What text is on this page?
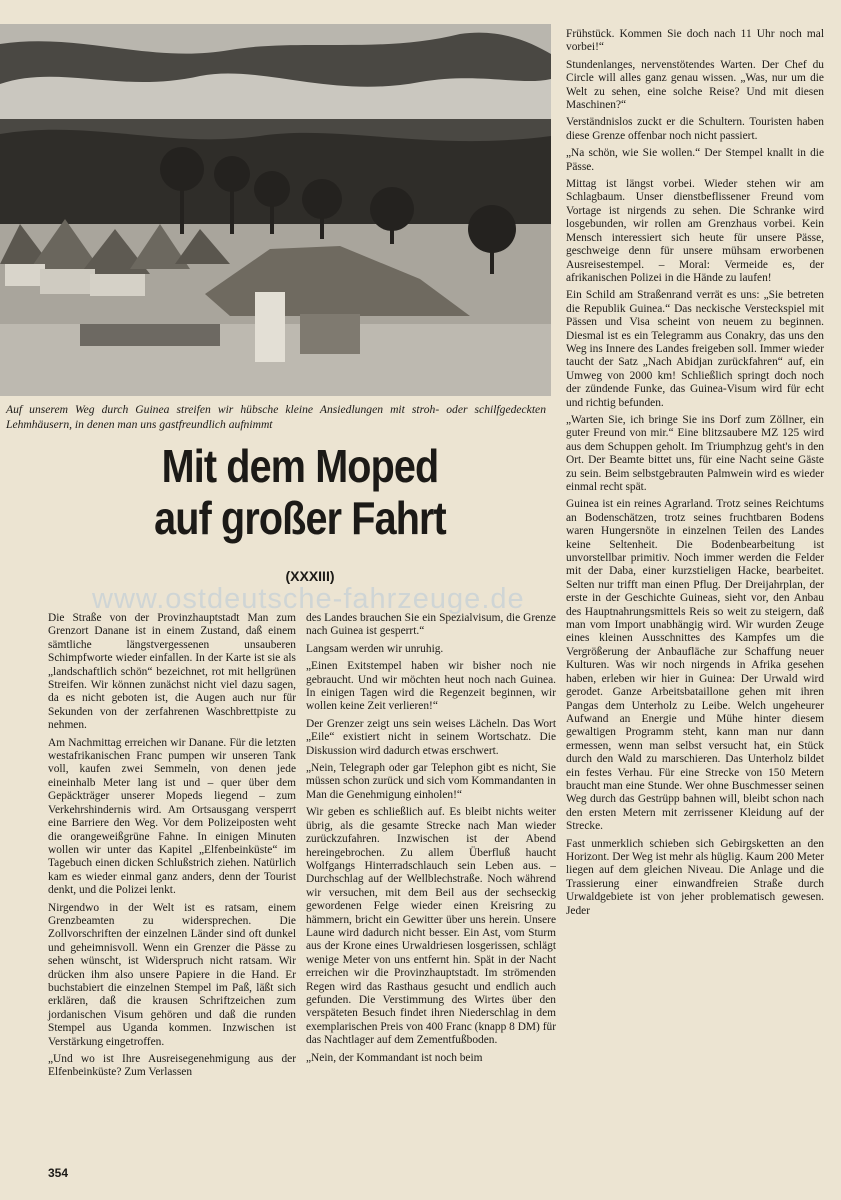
Auf unserem Weg durch Guinea streifen wir hübsche kleine Ansiedlungen mit stroh- oder schilfgedeckten Lehmhäusern, in denen man uns gastfreundlich aufnimmt
Mit dem Moped
auf großer Fahrt
(XXXIII)
www.ostdeutsche-fahrzeuge.de

Die Straße von der Provinzhauptstadt Man zum Grenzort Danane ist in einem Zustand, daß einem sämtliche längstvergessenen unsauberen Schimpfworte wieder einfallen. In der Karte ist sie als „landschaftlich schön“ bezeichnet, rot mit hellgrünen Streifen. Wir können zunächst nicht viel dazu sagen, da es nicht geboten ist, die Augen auch nur für Sekunden von der zerfahrenen Waschbrettpiste zu nehmen.

Am Nachmittag erreichen wir Danane. Für die letzten westafrikanischen Franc pumpen wir unseren Tank voll, kaufen zwei Semmeln, von denen jede eineinhalb Meter lang ist und – quer über dem Gepäckträger unserer Mopeds liegend – zum Verkehrshindernis wird. Am Ortsausgang versperrt eine Barriere den Weg. Vor dem Polizeiposten weht die orangeweißgrüne Fahne. In einigen Minuten wollen wir unter das Kapitel „Elfenbeinküste“ im Tagebuch einen dicken Schlußstrich ziehen. Natürlich kam es wieder einmal ganz anders, denn der Tourist denkt, und die Polizei lenkt.

Nirgendwo in der Welt ist es ratsam, einem Grenzbeamten zu widersprechen. Die Zollvorschriften der einzelnen Länder sind oft dunkel und geheimnisvoll. Wenn ein Grenzer die Pässe zu sehen wünscht, ist Widerspruch nicht ratsam. Wir drücken ihm also unsere Papiere in die Hand. Er buchstabiert die einzelnen Stempel im Paß, läßt sich erklären, daß die krausen Schriftzeichen zum jordanischen Visum gehören und daß die runden Stempel aus Uganda kommen. Inzwischen ist Verstärkung eingetroffen.

„Und wo ist Ihre Ausreisegenehmigung aus der Elfenbeinküste? Zum Verlassen

des Landes brauchen Sie ein Spezialvisum, die Grenze nach Guinea ist gesperrt.“

Langsam werden wir unruhig.

„Einen Exitstempel haben wir bisher noch nie gebraucht. Und wir möchten heut noch nach Guinea. In einigen Tagen wird die Regenzeit beginnen, wir wollen keine Zeit verlieren!“

Der Grenzer zeigt uns sein weises Lächeln. Das Wort „Eile“ existiert nicht in seinem Wortschatz. Die Diskussion wird dadurch etwas erschwert.

„Nein, Telegraph oder gar Telephon gibt es nicht, Sie müssen schon zurück und sich vom Kommandanten in Man die Genehmigung einholen!“

Wir geben es schließlich auf. Es bleibt nichts weiter übrig, als die gesamte Strecke nach Man wieder zurückzufahren. Inzwischen ist der Abend hereingebrochen. Zu allem Überfluß haucht Wolfgangs Hinterradschlauch sein Leben aus. – Durchschlag auf der Wellblechstraße. Noch während wir versuchen, mit dem Beil aus der sechseckig gewordenen Felge wieder einen Kreisring zu hämmern, bricht ein Gewitter über uns herein. Unsere Laune wird dadurch nicht besser. Ein Ast, vom Sturm aus der Krone eines Urwaldriesen losgerissen, schlägt wenige Meter von uns entfernt hin. Spät in der Nacht erreichen wir die Provinzhauptstadt. Im strömenden Regen wird das Rasthaus gesucht und endlich auch gefunden. Die Verstimmung des Wirtes über den verspäteten Besuch findet ihren Niederschlag in dem exemplarischen Preis von 400 Franc (knapp 8 DM) für das Nachtlager auf dem Zementfußboden.

„Nein, der Kommandant ist noch beim

Frühstück. Kommen Sie doch nach 11 Uhr noch mal vorbei!“

Stundenlanges, nervenstötendes Warten. Der Chef du Circle will alles ganz genau wissen. „Was, nur um die Welt zu sehen, eine solche Reise? Und mit diesen Maschinen?“

Verständnislos zuckt er die Schultern. Touristen haben diese Grenze offenbar noch nicht passiert.

„Na schön, wie Sie wollen.“ Der Stempel knallt in die Pässe.

Mittag ist längst vorbei. Wieder stehen wir am Schlagbaum. Unser dienstbeflissener Freund vom Vortage ist nirgends zu sehen. Die Schranke wird losgebunden, wir rollen am Grenzhaus vorbei. Kein Mensch interessiert sich heute für unsere Pässe, geschweige denn für unsere mühsam erworbenen Ausreisestempel. – Moral: Vermeide es, der afrikanischen Polizei in die Hände zu laufen!

Ein Schild am Straßenrand verrät es uns: „Sie betreten die Republik Guinea.“ Das neckische Versteckspiel mit Pässen und Visa scheint von neuem zu beginnen. Diesmal ist es ein Telegramm aus Conakry, das uns den Weg ins Innere des Landes freigeben soll. Immer wieder taucht der Satz „Nach Abidjan zurückfahren“ auf, ein Umweg von 2000 km! Schließlich springt doch noch der zündende Funke, das Guinea-Visum wird für echt und richtig befunden.

„Warten Sie, ich bringe Sie ins Dorf zum Zöllner, ein guter Freund von mir.“ Eine blitzsaubere MZ 125 wird aus dem Schuppen geholt. Im Triumphzug geht's in den Ort. Der Beamte bittet uns, für eine Nacht seine Gäste zu sein. Beim selbstgebrauten Palmwein wird es wieder einmal recht spät.

Guinea ist ein reines Agrarland. Trotz seines Reichtums an Bodenschätzen, trotz seines fruchtbaren Bodens waren Hungersnöte in einzelnen Teilen des Landes keine Seltenheit. Die Bodenbearbeitung ist unvorstellbar primitiv. Noch immer werden die Felder mit der Daba, einer kurzstieligen Hacke, bearbeitet. Selten nur trifft man einen Pflug. Der Dreijahrplan, der erste in der Geschichte Guineas, sieht vor, den Anbau des Hauptnahrungsmittels Reis so weit zu steigern, daß man vom Import unabhängig wird. Wir wurden Zeuge eines kleinen Ausschnittes des Kampfes um die Vergrößerung der Anbaufläche zur Schaffung neuer Kulturen. Was wir noch nirgends in Afrika gesehen haben, erleben wir hier in Guinea: Der Urwald wird gerodet. Ganze Arbeitsbataillone gehen mit ihren Pangas dem Unterholz zu Leibe. Welch ungeheurer Aufwand an Energie und Mühe hinter diesem gewaltigen Programm steht, kann man nur dann ermessen, wenn man selbst versucht hat, ein Stück durch den Wald zu marschieren. Das Unterholz bildet ein festes Verhau. Für eine Strecke von 150 Metern braucht man eine Stunde. Wer ohne Buschmesser seinen Weg durch das Gestrüpp bahnen will, bleibt schon nach den ersten Metern mit zerrissener Kleidung auf der Strecke.

Fast unmerklich schieben sich Gebirgsketten an den Horizont. Der Weg ist mehr als hüglig. Kaum 200 Meter liegen auf dem gleichen Niveau. Die Anlage und die Trassierung einer einwandfreien Straße durch Urwaldgebiete ist von jeher problematisch gewesen. Jeder

354
